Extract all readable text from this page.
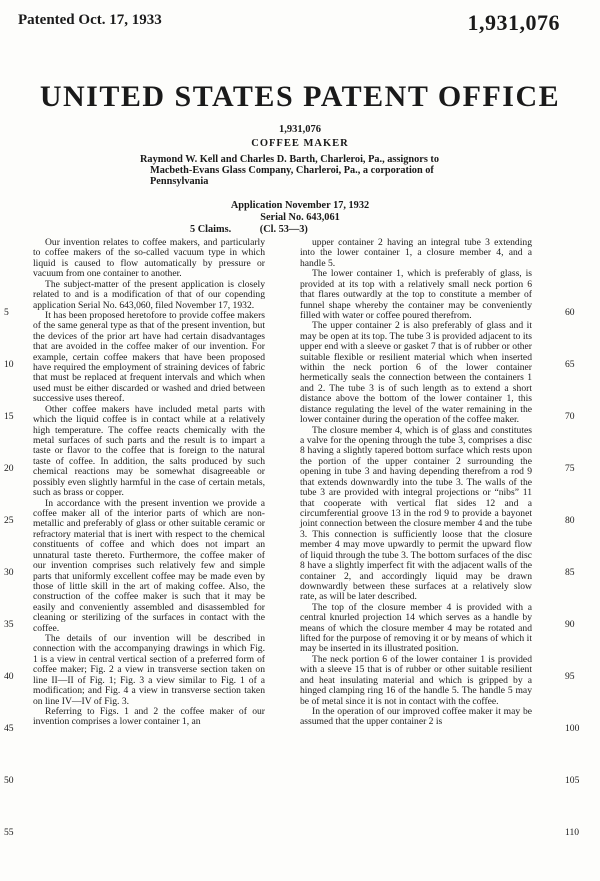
Patented Oct. 17, 1933	1,931,076
UNITED STATES PATENT OFFICE
1,931,076
COFFEE MAKER
Raymond W. Kell and Charles D. Barth, Charleroi, Pa., assignors to Macbeth-Evans Glass Company, Charleroi, Pa., a corporation of Pennsylvania
Application November 17, 1932
Serial No. 643,061
5 Claims.	(Cl. 53—3)

Our invention relates to coffee makers, and particularly to coffee makers of the so-called vacuum type in which liquid is caused to flow automatically by pressure or vacuum from one container to another.

The subject-matter of the present application is closely related to and is a modification of that of our copending application Serial No. 643,060, filed November 17, 1932.

It has been proposed heretofore to provide coffee makers of the same general type as that of the present invention, but the devices of the prior art have had certain disadvantages that are avoided in the coffee maker of our invention. For example, certain coffee makers that have been proposed have required the employment of straining devices of fabric that must be replaced at frequent intervals and which when used must be either discarded or washed and dried between successive uses thereof.

Other coffee makers have included metal parts with which the liquid coffee is in contact while at a relatively high temperature. The coffee reacts chemically with the metal surfaces of such parts and the result is to impart a taste or flavor to the coffee that is foreign to the natural taste of coffee. In addition, the salts produced by such chemical reactions may be somewhat disagreeable or possibly even slightly harmful in the case of certain metals, such as brass or copper.

In accordance with the present invention we provide a coffee maker all of the interior parts of which are non-metallic and preferably of glass or other suitable ceramic or refractory material that is inert with respect to the chemical constituents of coffee and which does not impart an unnatural taste thereto. Furthermore, the coffee maker of our invention comprises such relatively few and simple parts that uniformly excellent coffee may be made even by those of little skill in the art of making coffee. Also, the construction of the coffee maker is such that it may be easily and conveniently assembled and disassembled for cleaning or sterilizing of the surfaces in contact with the coffee.

The details of our invention will be described in connection with the accompanying drawings in which Fig. 1 is a view in central vertical section of a preferred form of coffee maker; Fig. 2 a view in transverse section taken on line II—II of Fig. 1; Fig. 3 a view similar to Fig. 1 of a modification; and Fig. 4 a view in transverse section taken on line IV—IV of Fig. 3.

Referring to Figs. 1 and 2 the coffee maker of our invention comprises a lower container 1, an

upper container 2 having an integral tube 3 extending into the lower container 1, a closure member 4, and a handle 5.

The lower container 1, which is preferably of glass, is provided at its top with a relatively small neck portion 6 that flares outwardly at the top to constitute a member of funnel shape whereby the container may be conveniently filled with water or coffee poured therefrom.

The upper container 2 is also preferably of glass and it may be open at its top. The tube 3 is provided adjacent to its upper end with a sleeve or gasket 7 that is of rubber or other suitable flexible or resilient material which when inserted within the neck portion 6 of the lower container hermetically seals the connection between the containers 1 and 2. The tube 3 is of such length as to extend a short distance above the bottom of the lower container 1, this distance regulating the level of the water remaining in the lower container during the operation of the coffee maker.

The closure member 4, which is of glass and constitutes a valve for the opening through the tube 3, comprises a disc 8 having a slightly tapered bottom surface which rests upon the portion of the upper container 2 surrounding the opening in tube 3 and having depending therefrom a rod 9 that extends downwardly into the tube 3. The walls of the tube 3 are provided with integral projections or “nibs” 11 that cooperate with vertical flat sides 12 and a circumferential groove 13 in the rod 9 to provide a bayonet joint connection between the closure member 4 and the tube 3. This connection is sufficiently loose that the closure member 4 may move upwardly to permit the upward flow of liquid through the tube 3. The bottom surfaces of the disc 8 have a slightly imperfect fit with the adjacent walls of the container 2, and accordingly liquid may be drawn downwardly between these surfaces at a relatively slow rate, as will be later described.

The top of the closure member 4 is provided with a central knurled projection 14 which serves as a handle by means of which the closure member 4 may be rotated and lifted for the purpose of removing it or by means of which it may be inserted in its illustrated position.

The neck portion 6 of the lower container 1 is provided with a sleeve 15 that is of rubber or other suitable resilient and heat insulating material and which is gripped by a hinged clamping ring 16 of the handle 5. The handle 5 may be of metal since it is not in contact with the coffee.

In the operation of our improved coffee maker it may be assumed that the upper container 2 is

5
10
15
20
25
30
35
40
45
50
55
60
65
70
75
80
85
90
95
100
105
110
